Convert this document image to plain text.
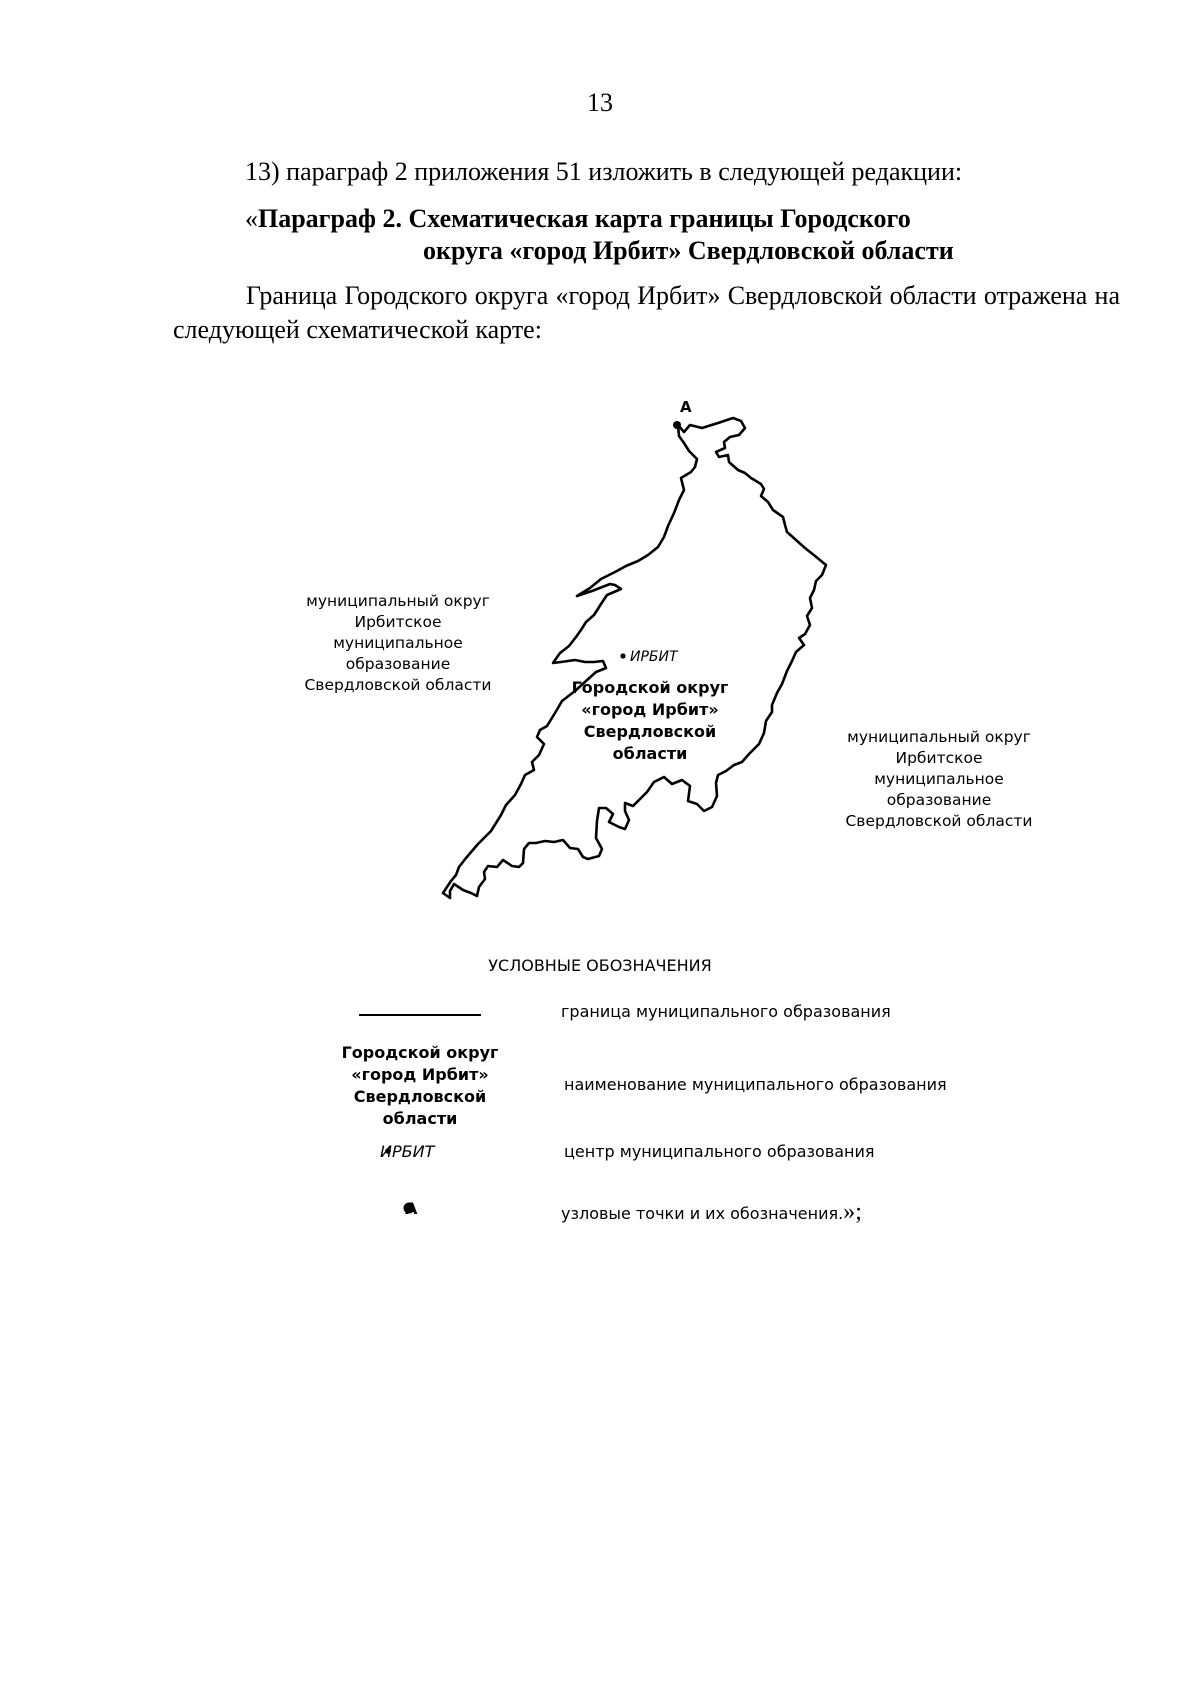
13
13) параграф 2 приложения 51 изложить в следующей редакции:
«Параграф 2. Схематическая карта границы Городского
округа «город Ирбит» Свердловской области
Граница Городского округа «город Ирбит» Свердловской области отражена на следующей схематической карте:
А
муниципальный округ
Ирбитское
муниципальное
образование
Свердловской области
муниципальный округ
Ирбитское
муниципальное
образование
Свердловской области
ИРБИТ
Городской округ
«город Ирбит»
Свердловской
области
УСЛОВНЫЕ ОБОЗНАЧЕНИЯ
граница муниципального образования
Городской округ
«город Ирбит»
Свердловской
области
наименование муниципального образования
ИРБИТ	центр муниципального образования
А	узловые точки и их обозначения.»;
